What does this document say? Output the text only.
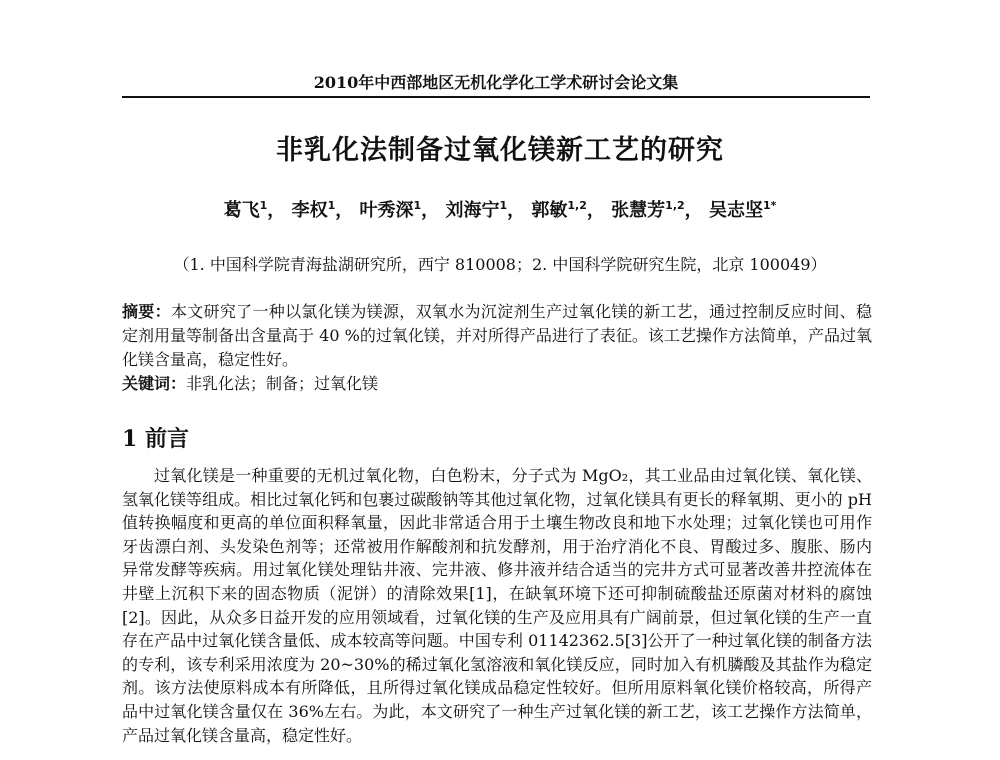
2010年中西部地区无机化学化工学术研讨会论文集
非乳化法制备过氧化镁新工艺的研究
葛飞$^1$， 李权$^1$， 叶秀深$^1$， 刘海宁$^1$， 郭敏$^{1,2}$， 张慧芳$^{1,2}$， 吴志坚$^{1*}$
（1. 中国科学院青海盐湖研究所，西宁 810008；2. 中国科学院研究生院，北京 100049）
摘要：本文研究了一种以氯化镁为镁源，双氧水为沉淀剂生产过氧化镁的新工艺，通过控制反应时间、稳定剂用量等制备出含量高于 40 %的过氧化镁，并对所得产品进行了表征。该工艺操作方法简单，产品过氧化镁含量高，稳定性好。
关键词：非乳化法；制备；过氧化镁
1 前言
过氧化镁是一种重要的无机过氧化物，白色粉末，分子式为 MgO₂，其工业品由过氧化镁、氧化镁、氢氧化镁等组成。相比过氧化钙和包裹过碳酸钠等其他过氧化物，过氧化镁具有更长的释氧期、更小的 pH 值转换幅度和更高的单位面积释氧量，因此非常适合用于土壤生物改良和地下水处理；过氧化镁也可用作牙齿漂白剂、头发染色剂等；还常被用作解酸剂和抗发酵剂，用于治疗消化不良、胃酸过多、腹胀、肠内异常发酵等疾病。用过氧化镁处理钻井液、完井液、修井液并结合适当的完井方式可显著改善井控流体在井壁上沉积下来的固态物质（泥饼）的清除效果[1]，在缺氧环境下还可抑制硫酸盐还原菌对材料的腐蚀[2]。因此，从众多日益开发的应用领域看，过氧化镁的生产及应用具有广阔前景，但过氧化镁的生产一直存在产品中过氧化镁含量低、成本较高等问题。中国专利 01142362.5[3]公开了一种过氧化镁的制备方法的专利，该专利采用浓度为 20~30%的稀过氧化氢溶液和氧化镁反应，同时加入有机膦酸及其盐作为稳定剂。该方法使原料成本有所降低，且所得过氧化镁成品稳定性较好。但所用原料氧化镁价格较高，所得产品中过氧化镁含量仅在 36%左右。为此，本文研究了一种生产过氧化镁的新工艺，该工艺操作方法简单，产品过氧化镁含量高，稳定性好。
